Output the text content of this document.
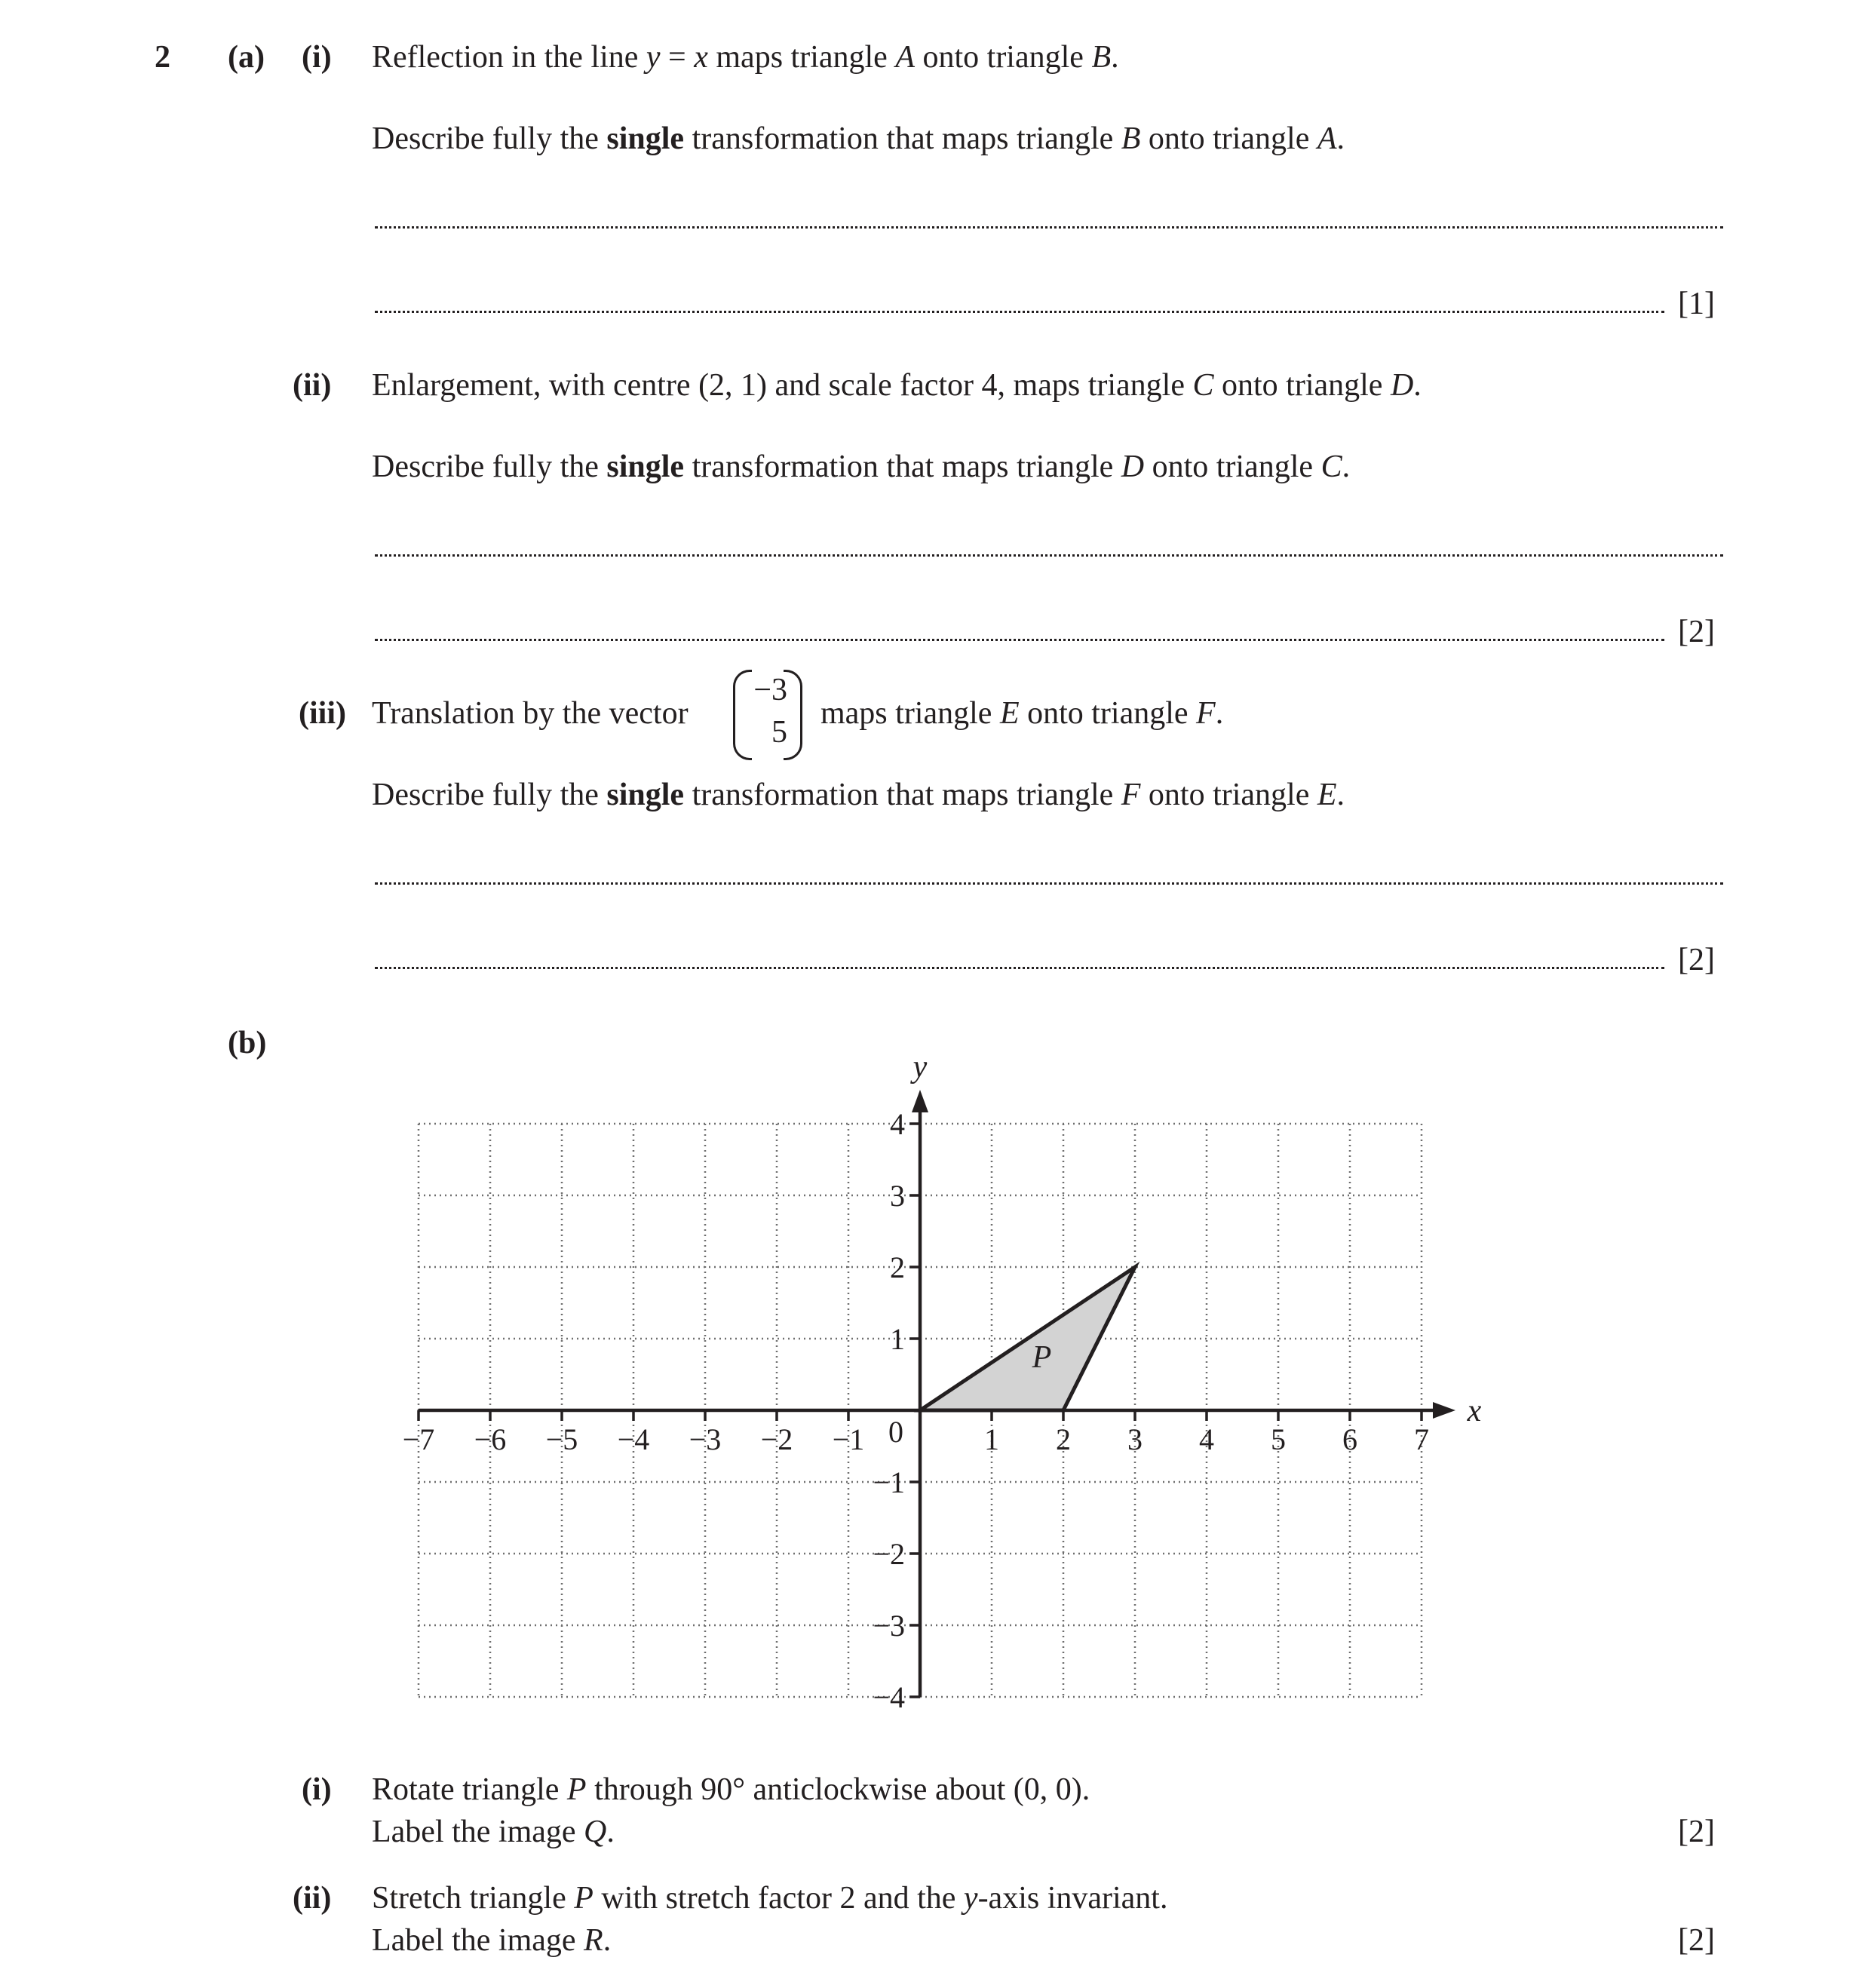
2 (a) (i) Reflection in the line y = x maps triangle A onto triangle B.
Describe fully the single transformation that maps triangle B onto triangle A.
[1]
(ii) Enlargement, with centre (2, 1) and scale factor 4, maps triangle C onto triangle D.
Describe fully the single transformation that maps triangle D onto triangle C.
[2]
(iii) Translation by the vector
−3
5
maps triangle E onto triangle F.
Describe fully the single transformation that maps triangle F onto triangle E.
[2]
(b)
P
−7 −6 −5 −4 −3 −2 −1	1 2 3 4 5 6 7
1
2
3
4
−1
−2
−3
−4
0
x
y
(i) Rotate triangle P through 90° anticlockwise about (0, 0).
Label the image Q.	[2]
(ii) Stretch triangle P with stretch factor 2 and the y-axis invariant.
Label the image R.	[2]
